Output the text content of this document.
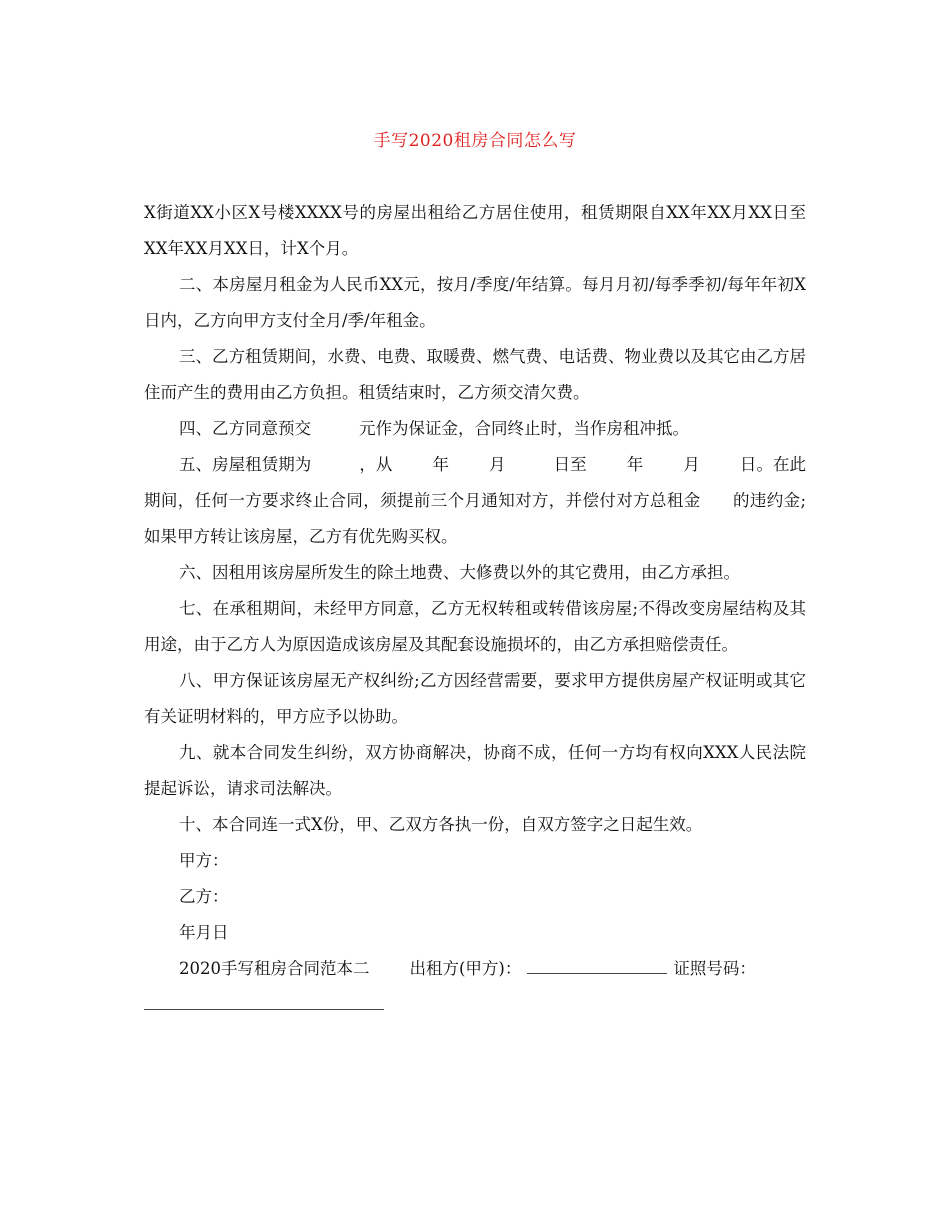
手写2020租房合同怎么写

X街道XX小区X号楼XXXX号的房屋出租给乙方居住使用，租赁期限自XX年XX月XX日至XX年XX月XX日，计X个月。

二、本房屋月租金为人民币XX元，按月/季度/年结算。每月月初/每季季初/每年年初X日内，乙方向甲方支付全月/季/年租金。

三、乙方租赁期间，水费、电费、取暖费、燃气费、电话费、物业费以及其它由乙方居住而产生的费用由乙方负担。租赁结束时，乙方须交清欠费。

四、乙方同意预交	元作为保证金，合同终止时，当作房租冲抵。

五、房屋租赁期为	，从 年 月	日至 年 月 日。在此期间，任何一方要求终止合同，须提前三个月通知对方，并偿付对方总租金 的违约金;如果甲方转让该房屋，乙方有优先购买权。

六、因租用该房屋所发生的除土地费、大修费以外的其它费用，由乙方承担。

七、在承租期间，未经甲方同意，乙方无权转租或转借该房屋;不得改变房屋结构及其用途，由于乙方人为原因造成该房屋及其配套设施损坏的，由乙方承担赔偿责任。

八、甲方保证该房屋无产权纠纷;乙方因经营需要，要求甲方提供房屋产权证明或其它有关证明材料的，甲方应予以协助。

九、就本合同发生纠纷，双方协商解决，协商不成，任何一方均有权向XXX人民法院提起诉讼，请求司法解决。

十、本合同连一式X份，甲、乙双方各执一份，自双方签字之日起生效。

甲方：

乙方：

年月日

2020手写租房合同范本二 出租方(甲方)：	证照号码：
